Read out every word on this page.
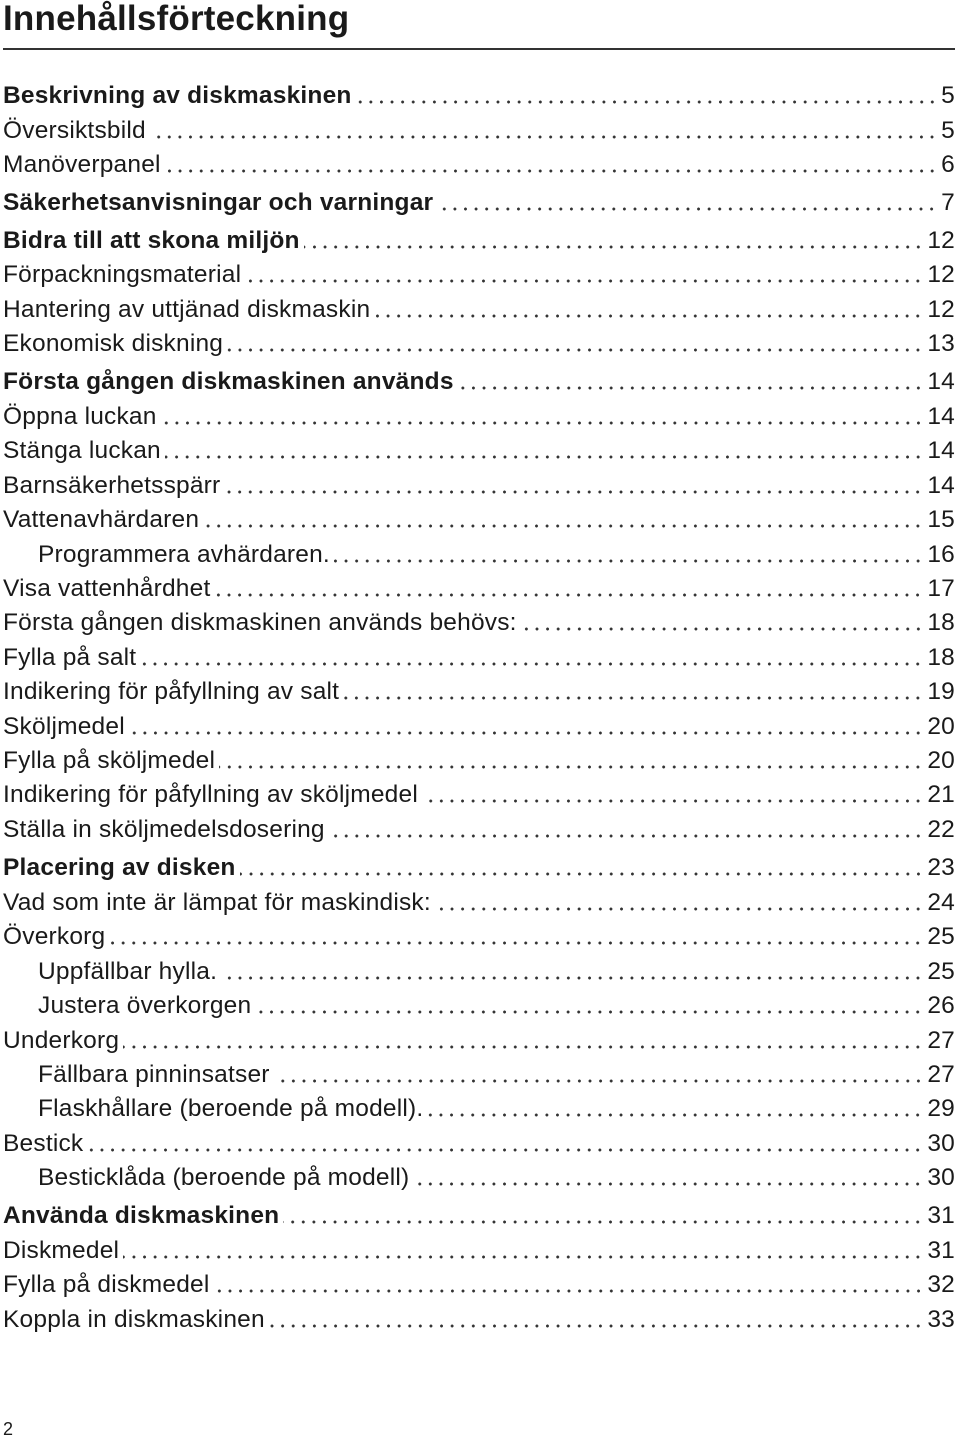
Innehållsförteckning
Beskrivning av diskmaskinen	5
Översiktsbild	5
Manöverpanel	6
Säkerhetsanvisningar och varningar	7
Bidra till att skona miljön	12
Förpackningsmaterial	12
Hantering av uttjänad diskmaskin	12
Ekonomisk diskning	13
Första gången diskmaskinen används	14
Öppna luckan	14
Stänga luckan	14
Barnsäkerhetsspärr	14
Vattenavhärdaren	15
Programmera avhärdaren.	16
Visa vattenhårdhet	17
Första gången diskmaskinen används behövs:	18
Fylla på salt	18
Indikering för påfyllning av salt	19
Sköljmedel	20
Fylla på sköljmedel	20
Indikering för påfyllning av sköljmedel	21
Ställa in sköljmedelsdosering	22
Placering av disken	23
Vad som inte är lämpat för maskindisk:	24
Överkorg	25
Uppfällbar hylla.	25
Justera överkorgen	26
Underkorg	27
Fällbara pinninsatser	27
Flaskhållare (beroende på modell).	29
Bestick	30
Besticklåda (beroende på modell)	30
Använda diskmaskinen	31
Diskmedel	31
Fylla på diskmedel	32
Koppla in diskmaskinen	33
2
